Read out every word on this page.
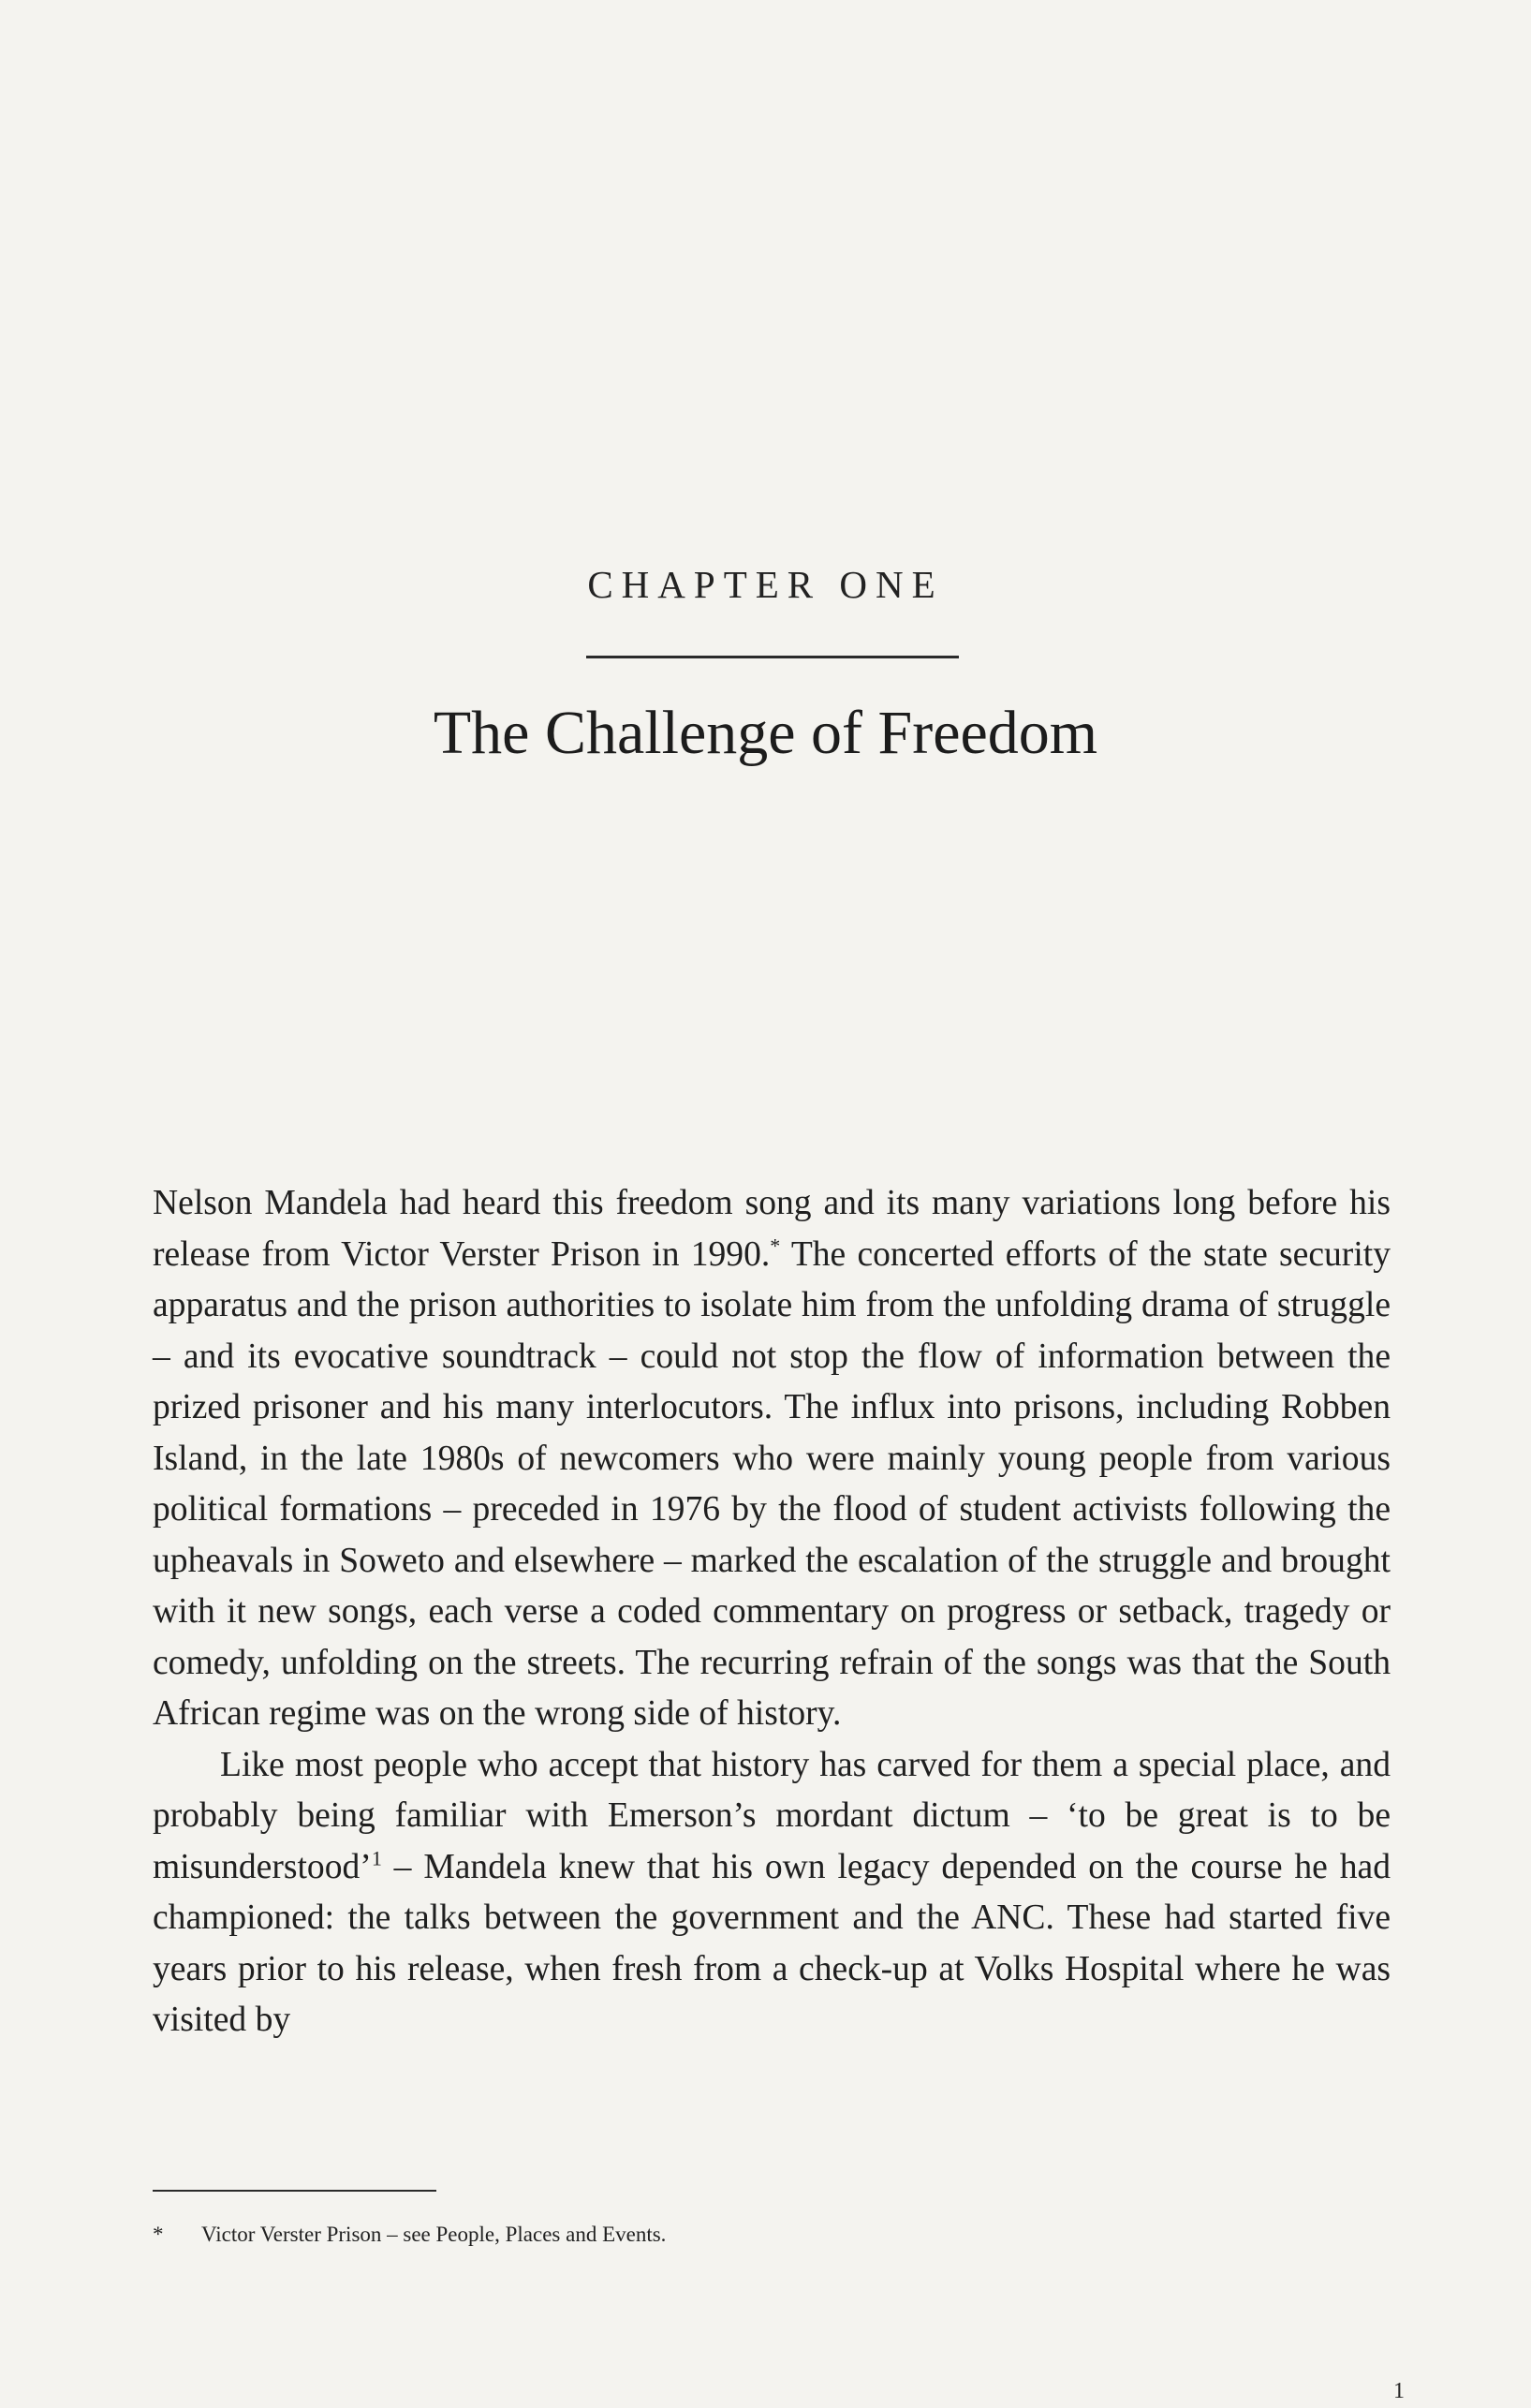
CHAPTER ONE
The Challenge of Freedom

Nelson Mandela had heard this freedom song and its many variations long before his release from Victor Verster Prison in 1990.* The concerted efforts of the state security apparatus and the prison authorities to isolate him from the unfolding drama of struggle – and its evocative soundtrack – could not stop the flow of information between the prized prisoner and his many interlocutors. The influx into prisons, including Robben Island, in the late 1980s of newcomers who were mainly young people from various political formations – preceded in 1976 by the flood of student activists following the upheavals in Soweto and elsewhere – marked the escalation of the struggle and brought with it new songs, each verse a coded commentary on progress or setback, tragedy or comedy, unfolding on the streets. The recurring refrain of the songs was that the South African regime was on the wrong side of history.

Like most people who accept that history has carved for them a special place, and probably being familiar with Emerson’s mordant dictum – ‘to be great is to be misunderstood’$^1$ – Mandela knew that his own legacy depended on the course he had championed: the talks between the government and the ANC. These had started five years prior to his release, when fresh from a check-up at Volks Hospital where he was visited by

* Victor Verster Prison – see People, Places and Events.
1
